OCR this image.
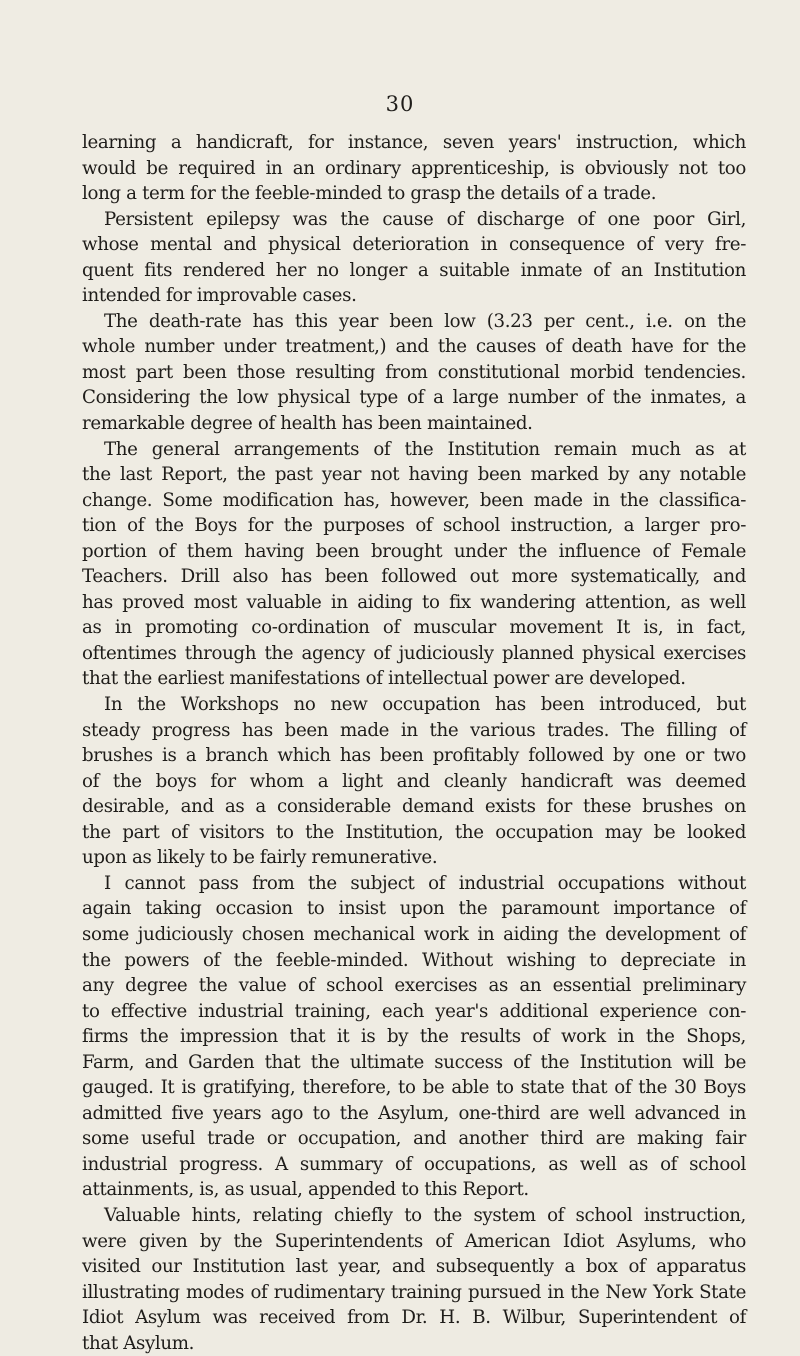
30
learning a handicraft, for instance, seven years' instruction, which
would be required in an ordinary apprenticeship, is obviously not too
long a term for the feeble-minded to grasp the details of a trade.
Persistent epilepsy was the cause of discharge of one poor Girl,
whose mental and physical deterioration in consequence of very fre-
quent fits rendered her no longer a suitable inmate of an Institution
intended for improvable cases.
The death-rate has this year been low (3.23 per cent., i.e. on the
whole number under treatment,) and the causes of death have for the
most part been those resulting from constitutional morbid tendencies.
Considering the low physical type of a large number of the inmates, a
remarkable degree of health has been maintained.
The general arrangements of the Institution remain much as at
the last Report, the past year not having been marked by any notable
change. Some modification has, however, been made in the classifica-
tion of the Boys for the purposes of school instruction, a larger pro-
portion of them having been brought under the influence of Female
Teachers. Drill also has been followed out more systematically, and
has proved most valuable in aiding to fix wandering attention, as well
as in promoting co-ordination of muscular movement It is, in fact,
oftentimes through the agency of judiciously planned physical exercises
that the earliest manifestations of intellectual power are developed.
In the Workshops no new occupation has been introduced, but
steady progress has been made in the various trades. The filling of
brushes is a branch which has been profitably followed by one or two
of the boys for whom a light and cleanly handicraft was deemed
desirable, and as a considerable demand exists for these brushes on
the part of visitors to the Institution, the occupation may be looked
upon as likely to be fairly remunerative.
I cannot pass from the subject of industrial occupations without
again taking occasion to insist upon the paramount importance of
some judiciously chosen mechanical work in aiding the development of
the powers of the feeble-minded. Without wishing to depreciate in
any degree the value of school exercises as an essential preliminary
to effective industrial training, each year's additional experience con-
firms the impression that it is by the results of work in the Shops,
Farm, and Garden that the ultimate success of the Institution will be
gauged. It is gratifying, therefore, to be able to state that of the 30 Boys
admitted five years ago to the Asylum, one-third are well advanced in
some useful trade or occupation, and another third are making fair
industrial progress. A summary of occupations, as well as of school
attainments, is, as usual, appended to this Report.
Valuable hints, relating chiefly to the system of school instruction,
were given by the Superintendents of American Idiot Asylums, who
visited our Institution last year, and subsequently a box of apparatus
illustrating modes of rudimentary training pursued in the New York State
Idiot Asylum was received from Dr. H. B. Wilbur, Superintendent of
that Asylum.
